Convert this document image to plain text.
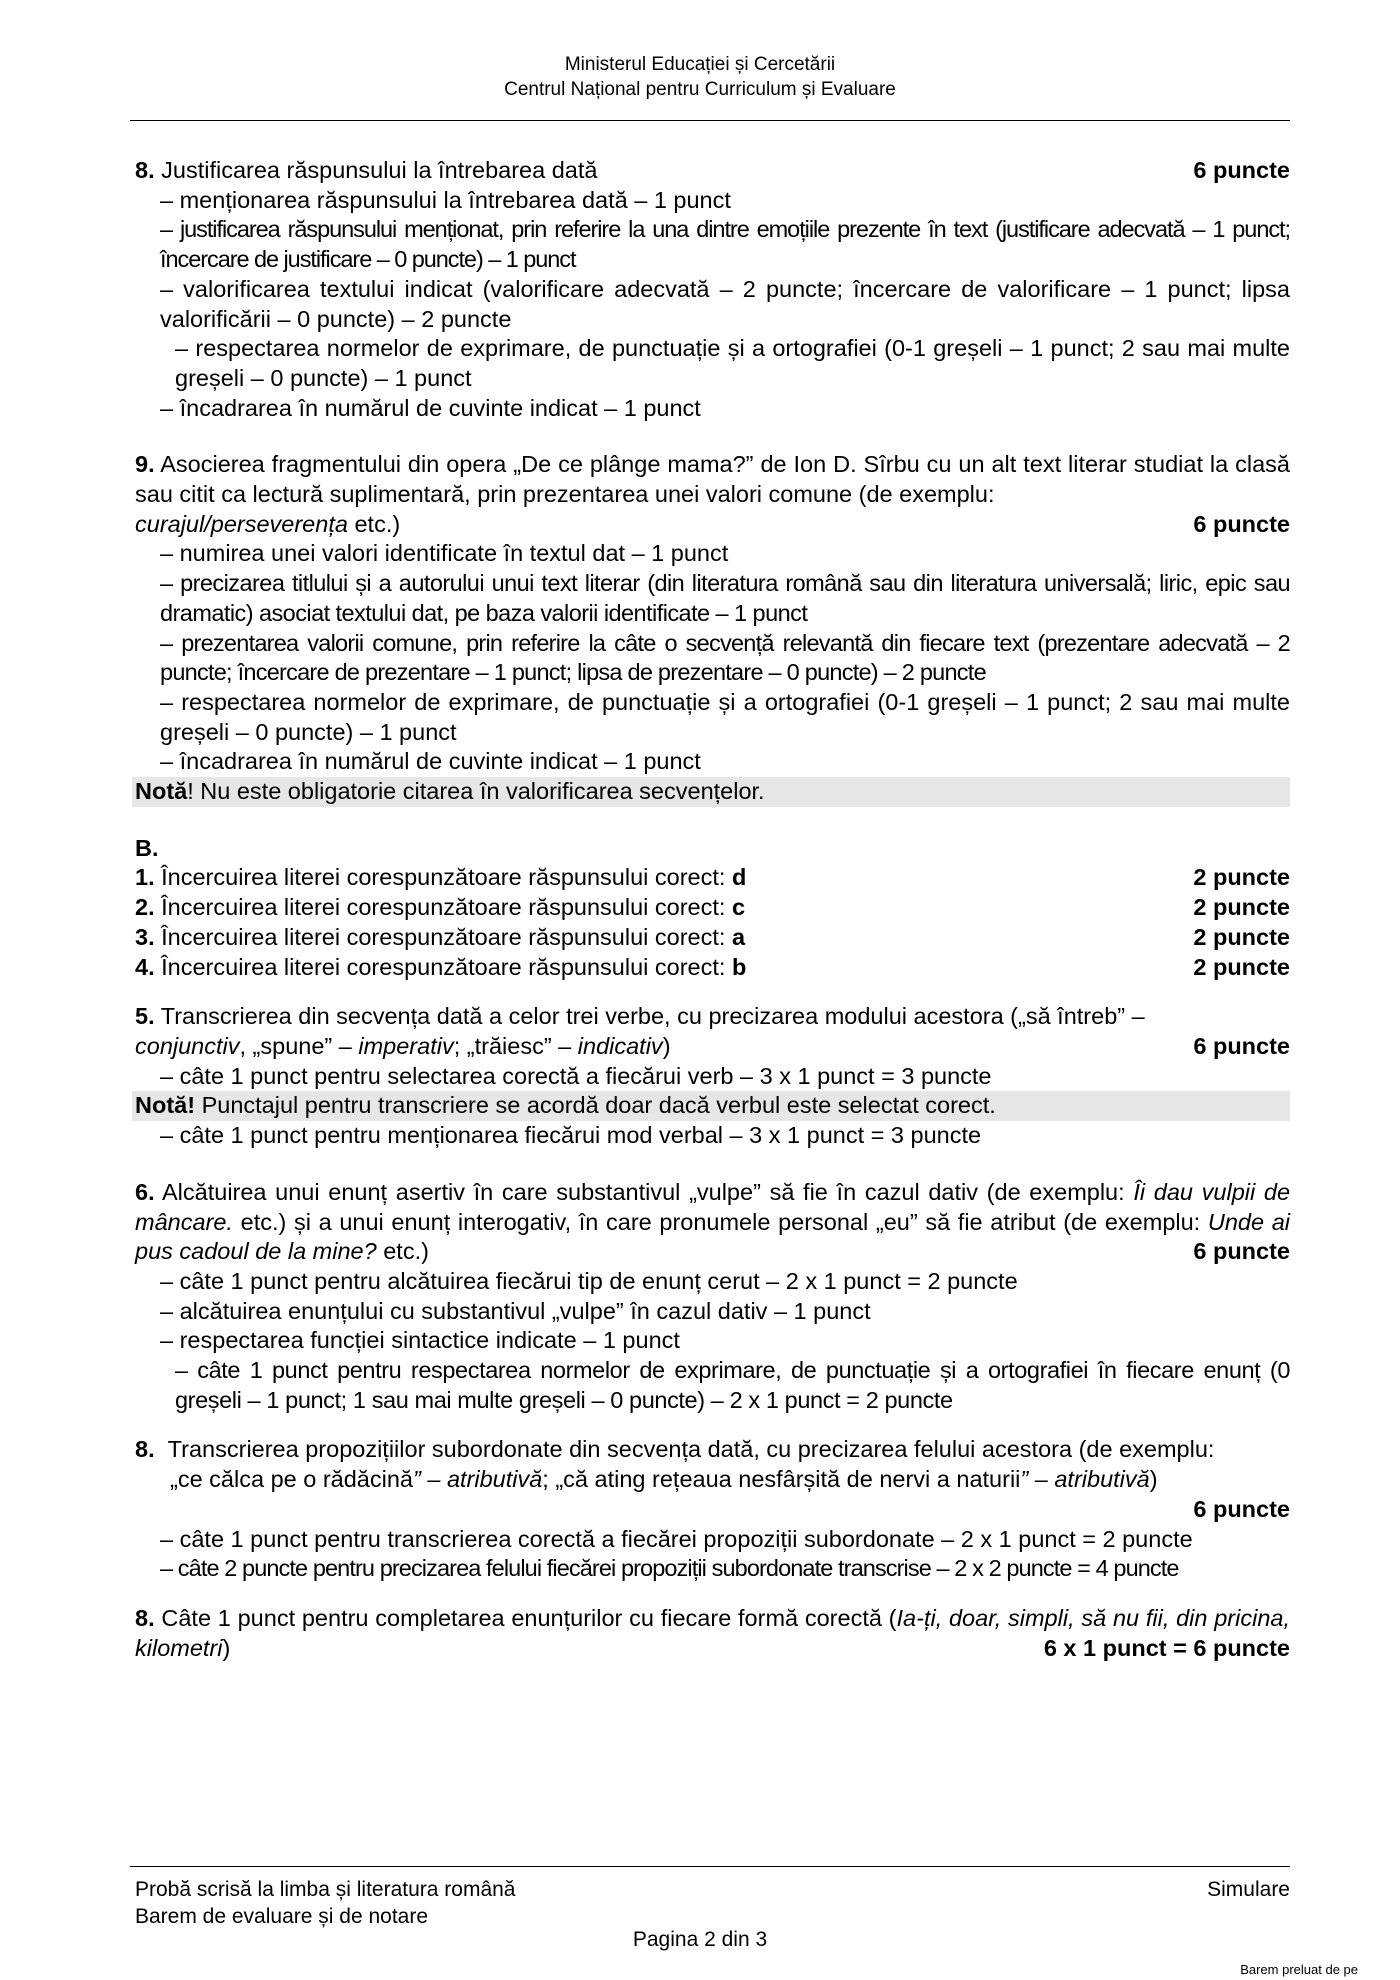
Ministerul Educației și Cercetării
Centrul Național pentru Curriculum și Evaluare
8. Justificarea răspunsului la întrebarea dată	6 puncte
– menționarea răspunsului la întrebarea dată – 1 punct
– justificarea răspunsului menționat, prin referire la una dintre emoțiile prezente în text (justificare adecvată – 1 punct; încercare de justificare – 0 puncte) – 1 punct
– valorificarea textului indicat (valorificare adecvată – 2 puncte; încercare de valorificare – 1 punct; lipsa valorificării – 0 puncte) – 2 puncte
– respectarea normelor de exprimare, de punctuație și a ortografiei (0-1 greșeli – 1 punct; 2 sau mai multe greșeli – 0 puncte) – 1 punct
– încadrarea în numărul de cuvinte indicat – 1 punct
9. Asocierea fragmentului din opera „De ce plânge mama?” de Ion D. Sîrbu cu un alt text literar studiat la clasă sau citit ca lectură suplimentară, prin prezentarea unei valori comune (de exemplu:
curajul/perseverența etc.)	6 puncte
– numirea unei valori identificate în textul dat – 1 punct
– precizarea titlului și a autorului unui text literar (din literatura română sau din literatura universală; liric, epic sau dramatic) asociat textului dat, pe baza valorii identificate – 1 punct
– prezentarea valorii comune, prin referire la câte o secvență relevantă din fiecare text (prezentare adecvată – 2 puncte; încercare de prezentare – 1 punct; lipsa de prezentare – 0 puncte) – 2 puncte
– respectarea normelor de exprimare, de punctuație și a ortografiei (0-1 greșeli – 1 punct; 2 sau mai multe greșeli – 0 puncte) – 1 punct
– încadrarea în numărul de cuvinte indicat – 1 punct
Notă! Nu este obligatorie citarea în valorificarea secvențelor.
B.
1. Încercuirea literei corespunzătoare răspunsului corect: d	2 puncte
2. Încercuirea literei corespunzătoare răspunsului corect: c	2 puncte
3. Încercuirea literei corespunzătoare răspunsului corect: a	2 puncte
4. Încercuirea literei corespunzătoare răspunsului corect: b	2 puncte
5. Transcrierea din secvența dată a celor trei verbe, cu precizarea modului acestora („să întreb” –
conjunctiv, „spune” – imperativ; „trăiesc” – indicativ)	6 puncte
– câte 1 punct pentru selectarea corectă a fiecărui verb – 3 x 1 punct = 3 puncte
Notă! Punctajul pentru transcriere se acordă doar dacă verbul este selectat corect.
– câte 1 punct pentru menționarea fiecărui mod verbal – 3 x 1 punct = 3 puncte
6. Alcătuirea unui enunț asertiv în care substantivul „vulpe” să fie în cazul dativ (de exemplu: Îi dau vulpii de mâncare. etc.) și a unui enunț interogativ, în care pronumele personal „eu” să fie atribut (de exemplu: Unde ai pus cadoul de la mine? etc.)	6 puncte
– câte 1 punct pentru alcătuirea fiecărui tip de enunț cerut – 2 x 1 punct = 2 puncte
– alcătuirea enunțului cu substantivul „vulpe” în cazul dativ – 1 punct
– respectarea funcției sintactice indicate – 1 punct
– câte 1 punct pentru respectarea normelor de exprimare, de punctuație și a ortografiei în fiecare enunț (0 greșeli – 1 punct; 1 sau mai multe greșeli – 0 puncte) – 2 x 1 punct = 2 puncte
8. Transcrierea propozițiilor subordonate din secvența dată, cu precizarea felului acestora (de exemplu:
„ce călca pe o rădăcină” – atributivă; „că ating rețeaua nesfârșită de nervi a naturii” – atributivă)
6 puncte
– câte 1 punct pentru transcrierea corectă a fiecărei propoziții subordonate – 2 x 1 punct = 2 puncte
– câte 2 puncte pentru precizarea felului fiecărei propoziții subordonate transcrise – 2 x 2 puncte = 4 puncte
8. Câte 1 punct pentru completarea enunțurilor cu fiecare formă corectă (Ia-ți, doar, simpli, să nu fii, din pricina, kilometri)	6 x 1 punct = 6 puncte
Probă scrisă la limba și literatura română	Simulare
Barem de evaluare și de notare
Pagina 2 din 3
Barem preluat de pe
